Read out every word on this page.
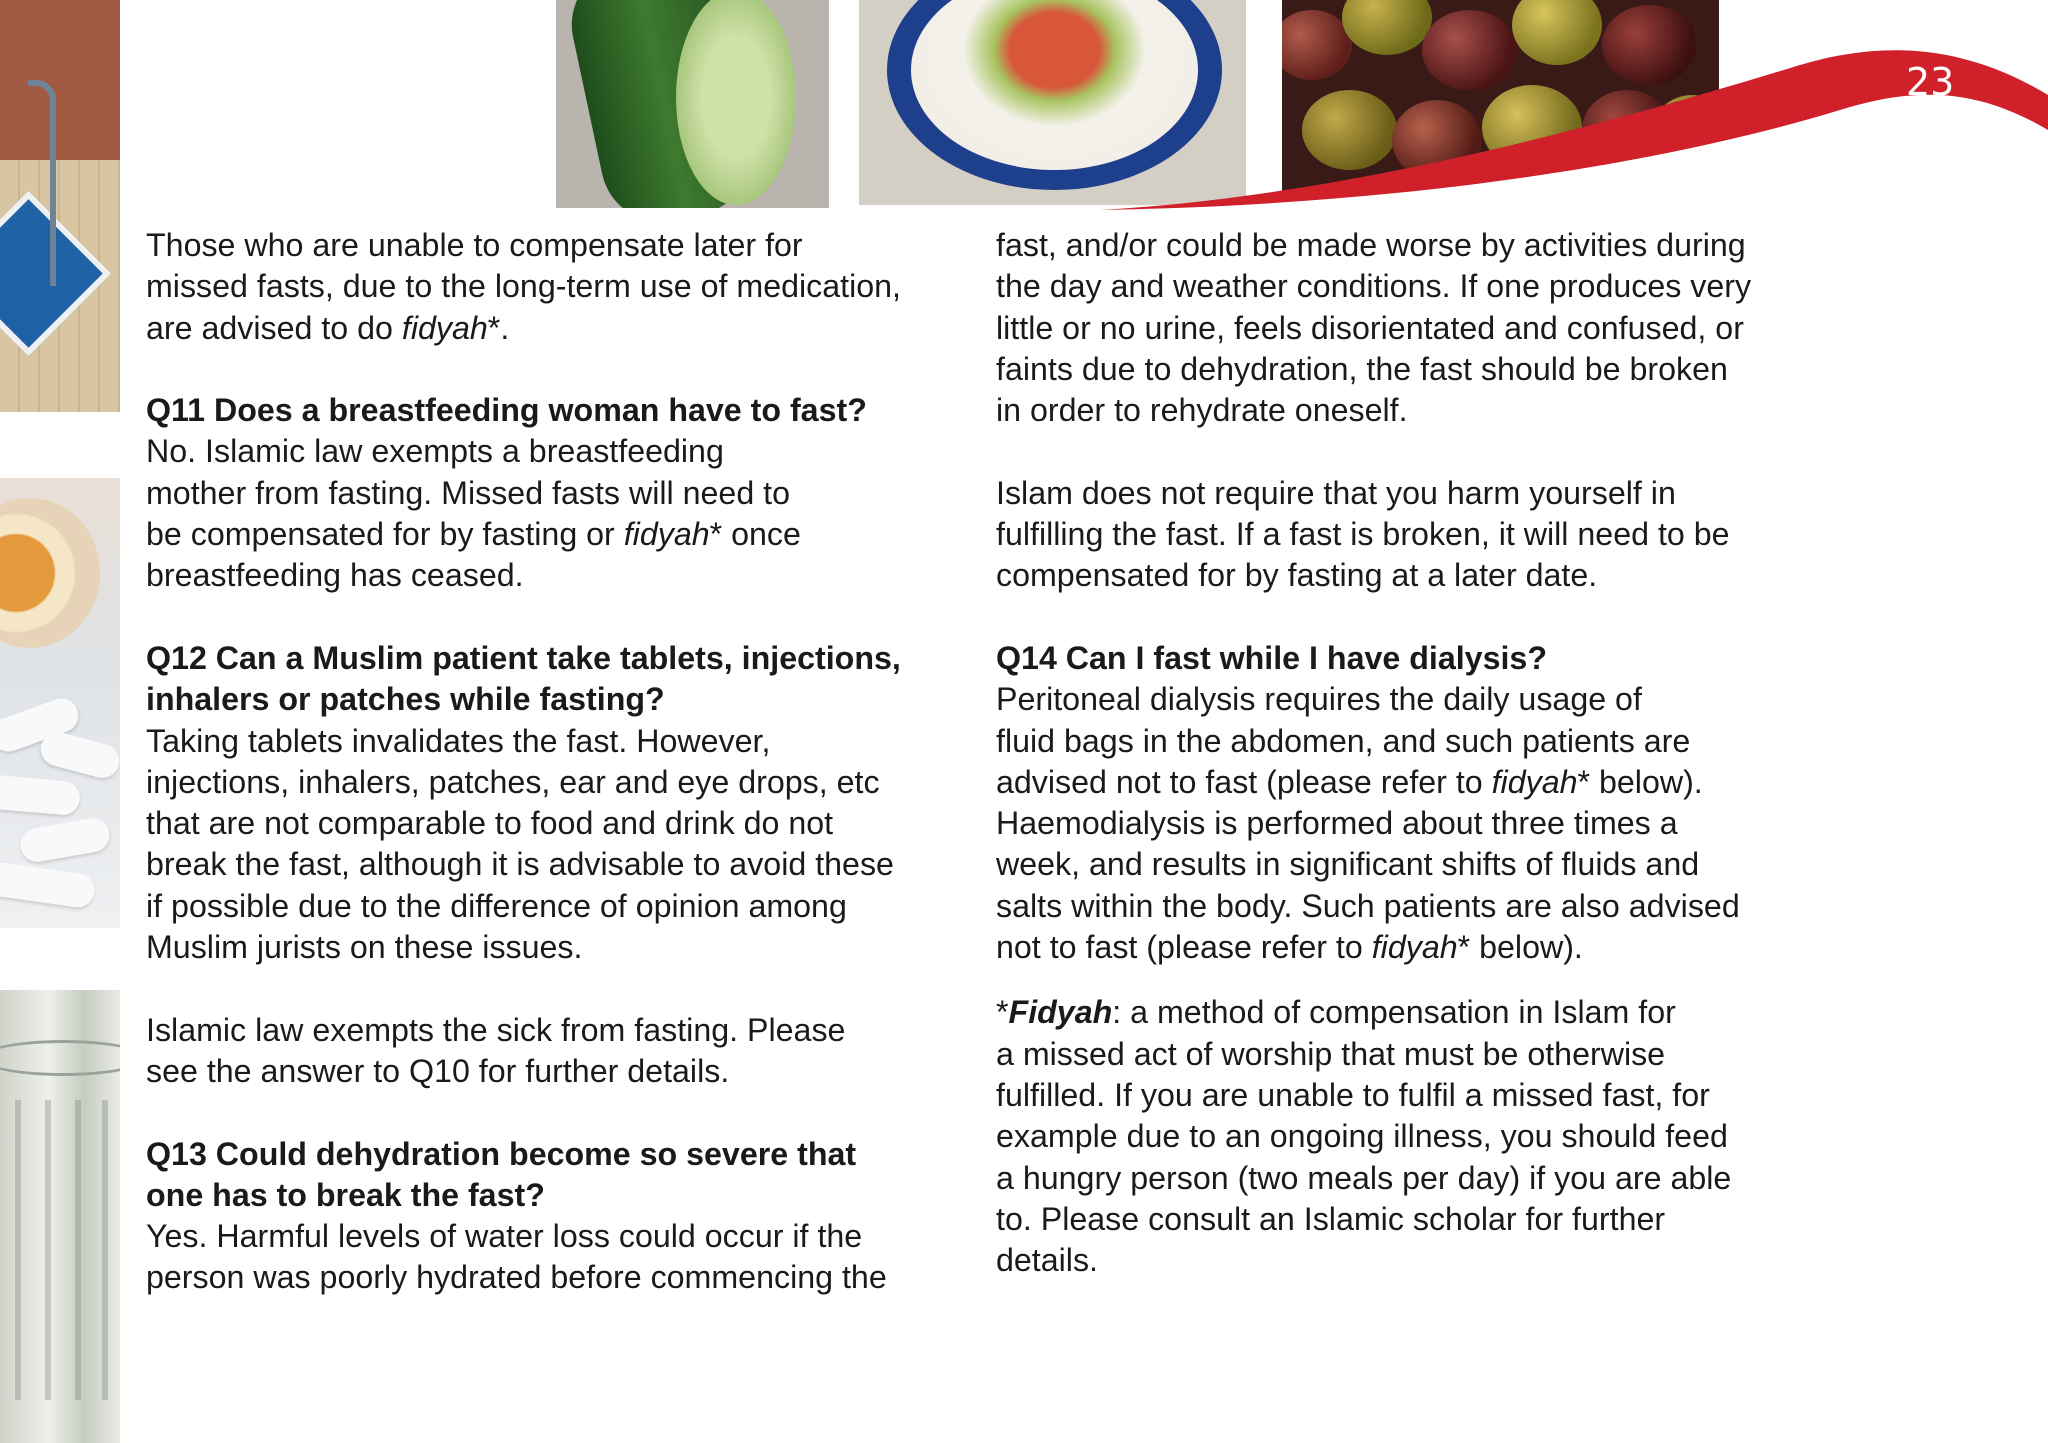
23

Those who are unable to compensate later for
missed fasts, due to the long-term use of medication,
are advised to do fidyah*.

Q11 Does a breastfeeding woman have to fast?

No. Islamic law exempts a breastfeeding
mother from fasting. Missed fasts will need to
be compensated for by fasting or fidyah* once
breastfeeding has ceased.

Q12 Can a Muslim patient take tablets, injections,
inhalers or patches while fasting?

Taking tablets invalidates the fast. However,
injections, inhalers, patches, ear and eye drops, etc
that are not comparable to food and drink do not
break the fast, although it is advisable to avoid these
if possible due to the difference of opinion among
Muslim jurists on these issues.

Islamic law exempts the sick from fasting. Please
see the answer to Q10 for further details.

Q13 Could dehydration become so severe that
one has to break the fast?

Yes. Harmful levels of water loss could occur if the
person was poorly hydrated before commencing the

fast, and/or could be made worse by activities during
the day and weather conditions. If one produces very
little or no urine, feels disorientated and confused, or
faints due to dehydration, the fast should be broken
in order to rehydrate oneself.

Islam does not require that you harm yourself in
fulfilling the fast. If a fast is broken, it will need to be
compensated for by fasting at a later date.

Q14 Can I fast while I have dialysis?

Peritoneal dialysis requires the daily usage of
fluid bags in the abdomen, and such patients are
advised not to fast (please refer to fidyah* below).
Haemodialysis is performed about three times a
week, and results in significant shifts of fluids and
salts within the body. Such patients are also advised
not to fast (please refer to fidyah* below).

*Fidyah: a method of compensation in Islam for
a missed act of worship that must be otherwise
fulfilled. If you are unable to fulfil a missed fast, for
example due to an ongoing illness, you should feed
a hungry person (two meals per day) if you are able
to. Please consult an Islamic scholar for further
details.
